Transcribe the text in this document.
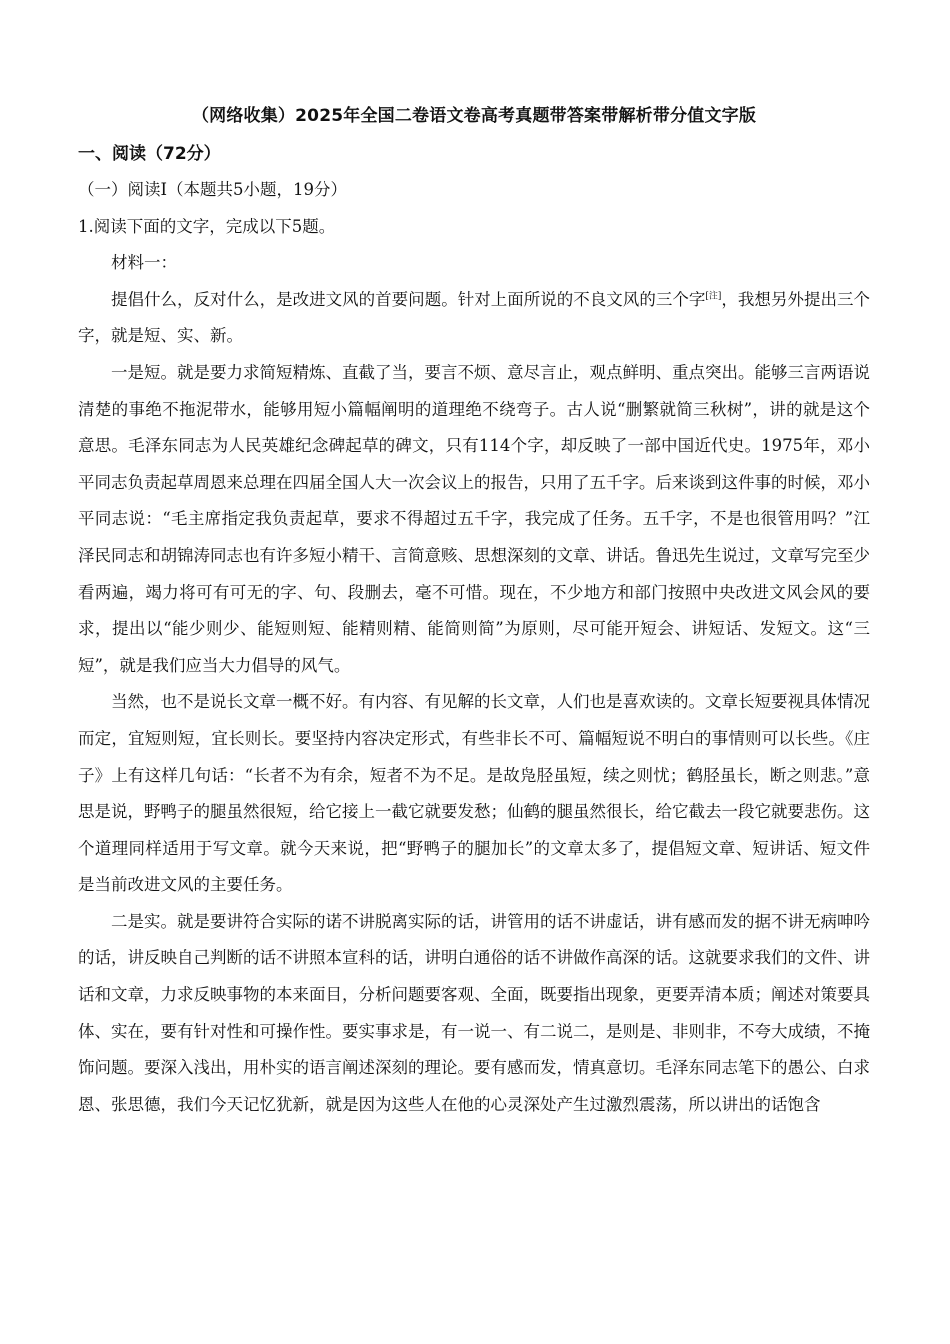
（网络收集）2025年全国二卷语文卷高考真题带答案带解析带分值文字版
一、阅读（72分）

（一）阅读Ⅰ（本题共5小题，19分）

1.阅读下面的文字，完成以下5题。

材料一：

提倡什么，反对什么，是改进文风的首要问题。针对上面所说的不良文风的三个字[注]，我想另外提出三个字，就是短、实、新。

一是短。就是要力求简短精炼、直截了当，要言不烦、意尽言止，观点鲜明、重点突出。能够三言两语说清楚的事绝不拖泥带水，能够用短小篇幅阐明的道理绝不绕弯子。古人说“删繁就简三秋树”，讲的就是这个意思。毛泽东同志为人民英雄纪念碑起草的碑文，只有114个字，却反映了一部中国近代史。1975年，邓小平同志负责起草周恩来总理在四届全国人大一次会议上的报告，只用了五千字。后来谈到这件事的时候，邓小平同志说：“毛主席指定我负责起草，要求不得超过五千字，我完成了任务。五千字，不是也很管用吗？”江泽民同志和胡锦涛同志也有许多短小精干、言简意赅、思想深刻的文章、讲话。鲁迅先生说过，文章写完至少看两遍，竭力将可有可无的字、句、段删去，毫不可惜。现在，不少地方和部门按照中央改进文风会风的要求，提出以“能少则少、能短则短、能精则精、能简则简”为原则，尽可能开短会、讲短话、发短文。这“三短”，就是我们应当大力倡导的风气。

当然，也不是说长文章一概不好。有内容、有见解的长文章，人们也是喜欢读的。文章长短要视具体情况而定，宜短则短，宜长则长。要坚持内容决定形式，有些非长不可、篇幅短说不明白的事情则可以长些。《庄子》上有这样几句话：“长者不为有余，短者不为不足。是故凫胫虽短，续之则忧；鹤胫虽长，断之则悲。”意思是说，野鸭子的腿虽然很短，给它接上一截它就要发愁；仙鹤的腿虽然很长，给它截去一段它就要悲伤。这个道理同样适用于写文章。就今天来说，把“野鸭子的腿加长”的文章太多了，提倡短文章、短讲话、短文件是当前改进文风的主要任务。

二是实。就是要讲符合实际的诺不讲脱离实际的话，讲管用的话不讲虚话，讲有感而发的据不讲无病呻吟的话，讲反映自己判断的话不讲照本宣科的话，讲明白通俗的话不讲做作高深的话。这就要求我们的文件、讲话和文章，力求反映事物的本来面目，分析问题要客观、全面，既要指出现象，更要弄清本质；阐述对策要具体、实在，要有针对性和可操作性。要实事求是，有一说一、有二说二，是则是、非则非，不夸大成绩，不掩饰问题。要深入浅出，用朴实的语言阐述深刻的理论。要有感而发，情真意切。毛泽东同志笔下的愚公、白求恩、张思德，我们今天记忆犹新，就是因为这些人在他的心灵深处产生过激烈震荡，所以讲出的话饱含
